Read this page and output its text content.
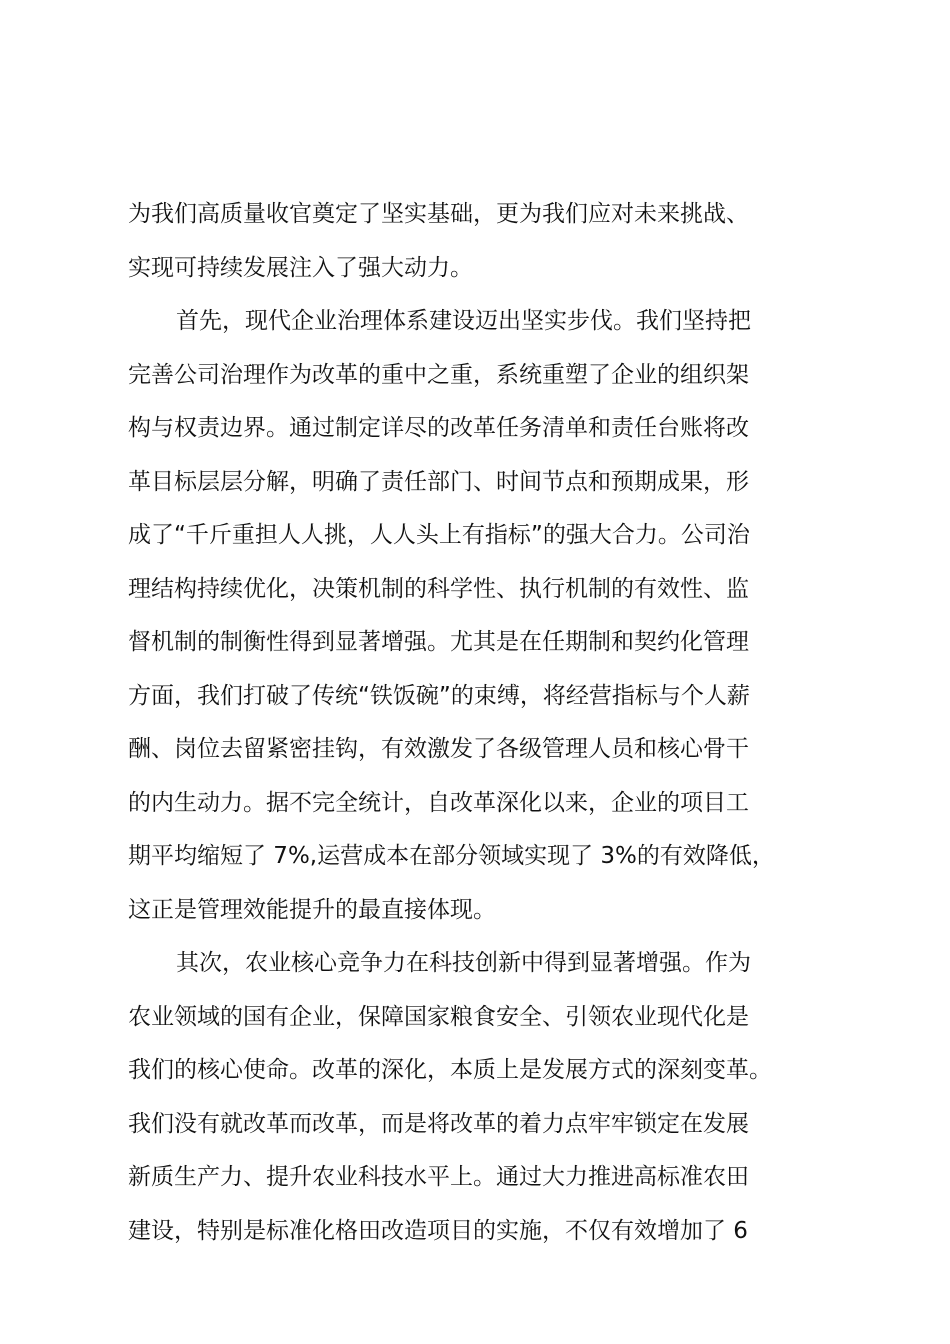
为我们高质量收官奠定了坚实基础，更为我们应对未来挑战、
实现可持续发展注入了强大动力。
首先，现代企业治理体系建设迈出坚实步伐。我们坚持把
完善公司治理作为改革的重中之重，系统重塑了企业的组织架
构与权责边界。通过制定详尽的改革任务清单和责任台账将改
革目标层层分解，明确了责任部门、时间节点和预期成果，形
成了“千斤重担人人挑，人人头上有指标”的强大合力。公司治
理结构持续优化，决策机制的科学性、执行机制的有效性、监
督机制的制衡性得到显著增强。尤其是在任期制和契约化管理
方面，我们打破了传统“铁饭碗”的束缚，将经营指标与个人薪
酬、岗位去留紧密挂钩，有效激发了各级管理人员和核心骨干
的内生动力。据不完全统计，自改革深化以来，企业的项目工
期平均缩短了 7%,运营成本在部分领域实现了 3%的有效降低，
这正是管理效能提升的最直接体现。
其次，农业核心竞争力在科技创新中得到显著增强。作为
农业领域的国有企业，保障国家粮食安全、引领农业现代化是
我们的核心使命。改革的深化，本质上是发展方式的深刻变革。
我们没有就改革而改革，而是将改革的着力点牢牢锁定在发展
新质生产力、提升农业科技水平上。通过大力推进高标准农田
建设，特别是标准化格田改造项目的实施，不仅有效增加了 6
